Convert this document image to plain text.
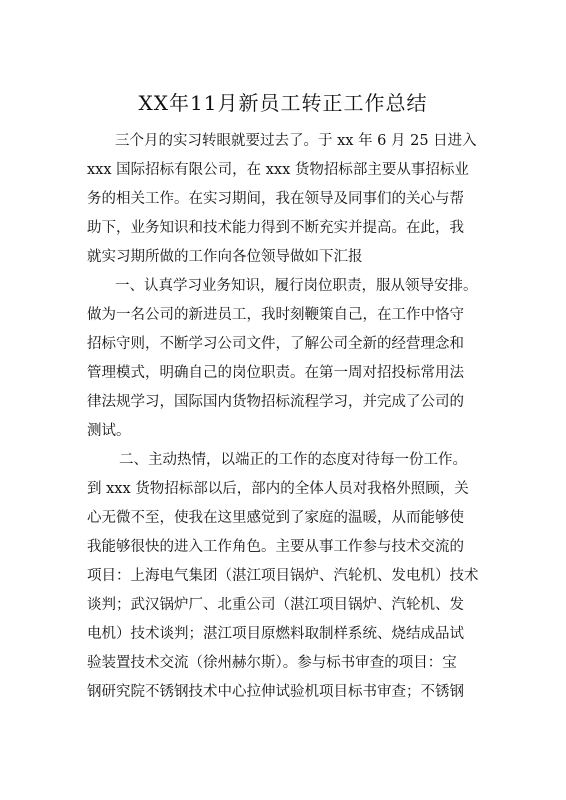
XX年11月新员工转正工作总结
三个月的实习转眼就要过去了。于 xx 年 6 月 25 日进入
xxx 国际招标有限公司，在 xxx 货物招标部主要从事招标业
务的相关工作。在实习期间，我在领导及同事们的关心与帮
助下，业务知识和技术能力得到不断充实并提高。在此，我
就实习期所做的工作向各位领导做如下汇报
一、认真学习业务知识，履行岗位职责，服从领导安排。
做为一名公司的新进员工，我时刻鞭策自己，在工作中恪守
招标守则，不断学习公司文件，了解公司全新的经营理念和
管理模式，明确自己的岗位职责。在第一周对招投标常用法
律法规学习，国际国内货物招标流程学习，并完成了公司的
测试。
二、主动热情，以端正的工作的态度对待每一份工作。
到 xxx 货物招标部以后，部内的全体人员对我格外照顾，关
心无微不至，使我在这里感觉到了家庭的温暖，从而能够使
我能够很快的进入工作角色。主要从事工作参与技术交流的
项目：上海电气集团（湛江项目锅炉、汽轮机、发电机）技术
谈判；武汉锅炉厂、北重公司（湛江项目锅炉、汽轮机、发
电机）技术谈判；湛江项目原燃料取制样系统、烧结成品试
验装置技术交流（徐州赫尔斯）。参与标书审查的项目：宝
钢研究院不锈钢技术中心拉伸试验机项目标书审查；不锈钢
